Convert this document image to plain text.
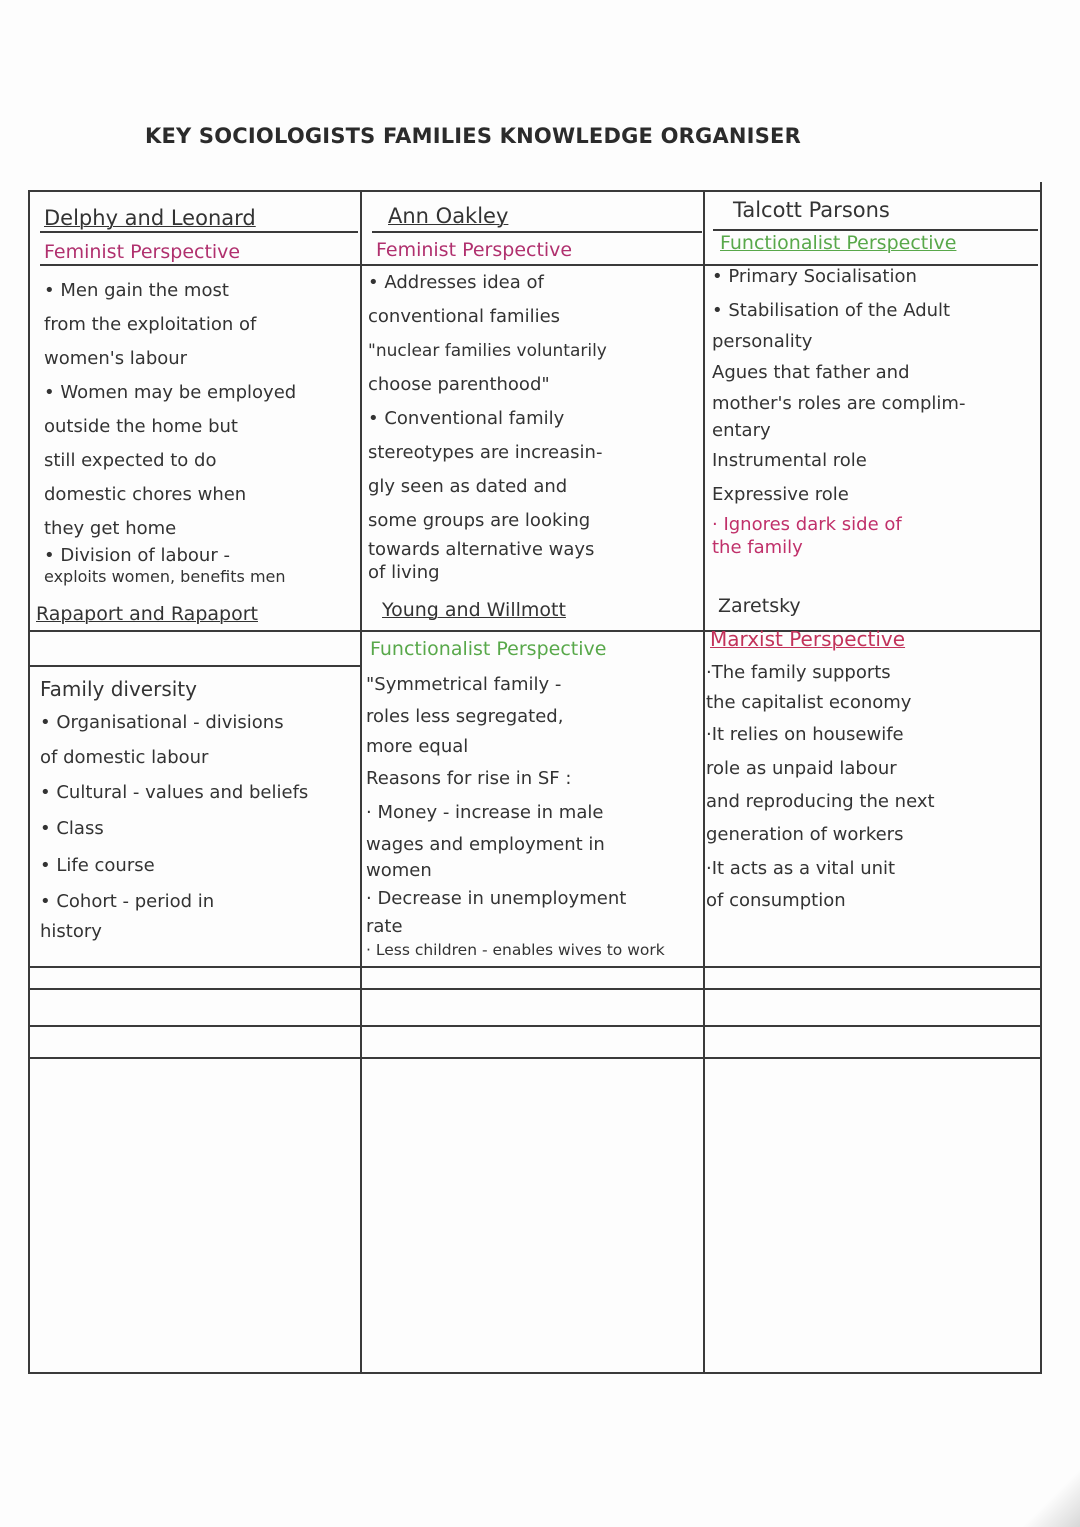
KEY SOCIOLOGISTS FAMILIES KNOWLEDGE ORGANISER
Delphy and Leonard
Feminist Perspective
• Men gain the most
from the exploitation of
women's labour
• Women may be employed
outside the home but
still expected to do
domestic chores when
they get home
• Division of labour -
exploits women, benefits men
Ann Oakley
Feminist Perspective
• Addresses idea of
conventional families
"nuclear families voluntarily
choose parenthood"
• Conventional family
stereotypes are increasin-
gly seen as dated and
some groups are looking
towards alternative ways
of living
Talcott Parsons
Functionalist Perspective
• Primary Socialisation
• Stabilisation of the Adult
personality
Agues that father and
mother's roles are complim-
entary
Instrumental role
Expressive role
· Ignores dark side of
the family
Rapaport and Rapaport
Family diversity
• Organisational - divisions
of domestic labour
• Cultural - values and beliefs
• Class
• Life course
• Cohort - period in
history
Young and Willmott
Functionalist Perspective
"Symmetrical family -
roles less segregated,
more equal
Reasons for rise in SF :
· Money - increase in male
wages and employment in
women
· Decrease in unemployment
rate
· Less children - enables wives to work
Zaretsky
Marxist Perspective
·The family supports
the capitalist economy
·It relies on housewife
role as unpaid labour
and reproducing the next
generation of workers
·It acts as a vital unit
of consumption
